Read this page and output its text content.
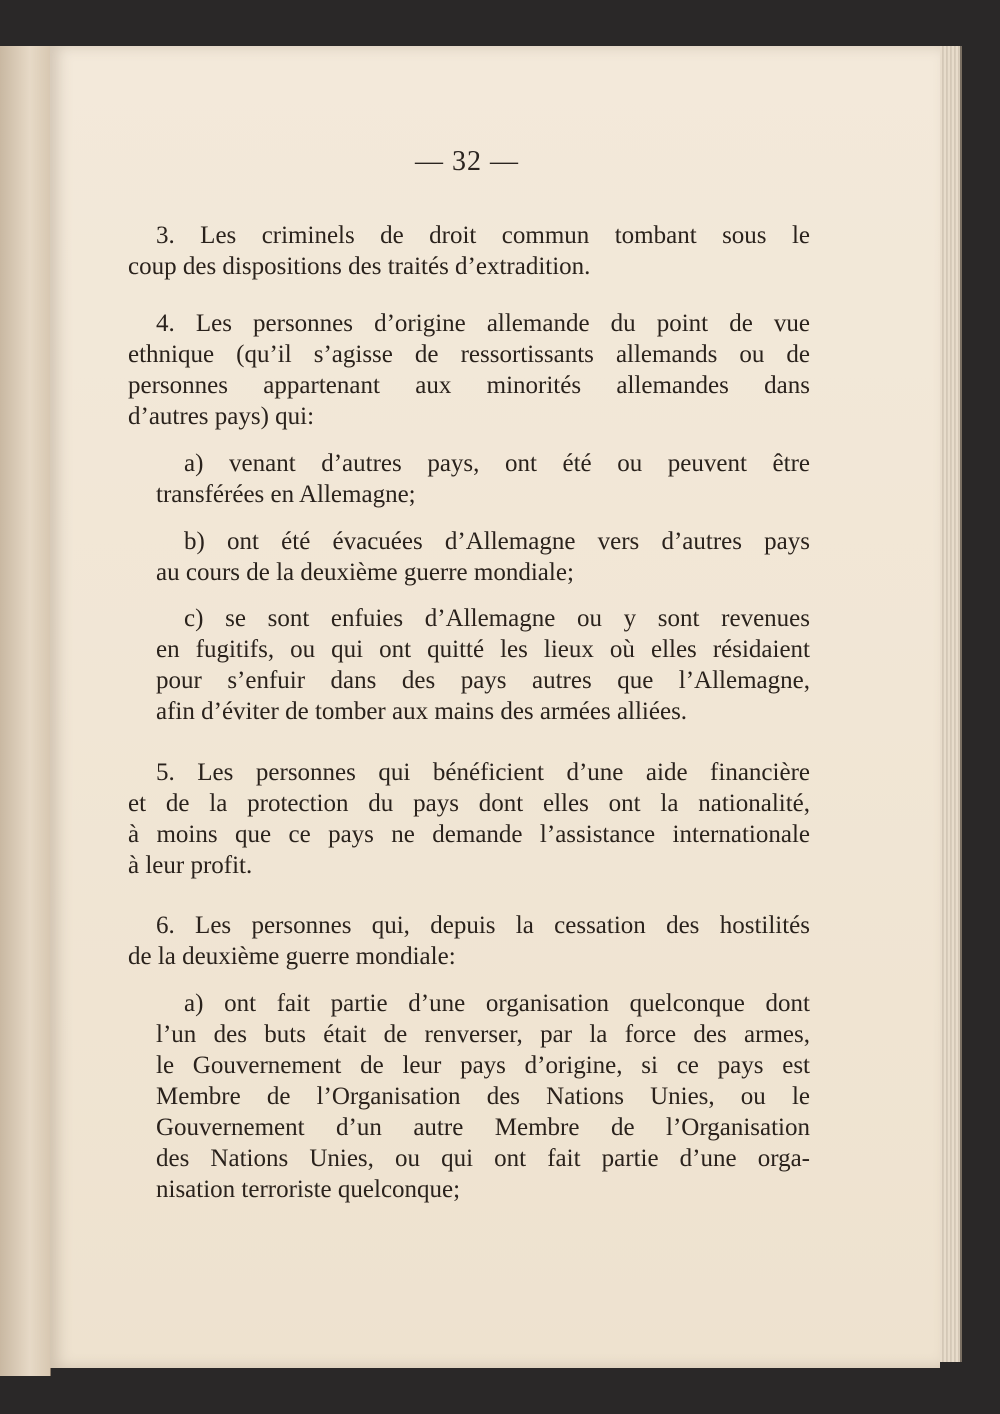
— 32 —
3. Les criminels de droit commun tombant sous le
coup des dispositions des traités d’extradition.
4. Les personnes d’origine allemande du point de vue
ethnique (qu’il s’agisse de ressortissants allemands ou de
personnes appartenant aux minorités allemandes dans
d’autres pays) qui:
a) venant d’autres pays, ont été ou peuvent être
transférées en Allemagne;
b) ont été évacuées d’Allemagne vers d’autres pays
au cours de la deuxième guerre mondiale;
c) se sont enfuies d’Allemagne ou y sont revenues
en fugitifs, ou qui ont quitté les lieux où elles résidaient
pour s’enfuir dans des pays autres que l’Allemagne,
afin d’éviter de tomber aux mains des armées alliées.
5. Les personnes qui bénéficient d’une aide financière
et de la protection du pays dont elles ont la nationalité,
à moins que ce pays ne demande l’assistance internationale
à leur profit.
6. Les personnes qui, depuis la cessation des hostilités
de la deuxième guerre mondiale:
a) ont fait partie d’une organisation quelconque dont
l’un des buts était de renverser, par la force des armes,
le Gouvernement de leur pays d’origine, si ce pays est
Membre de l’Organisation des Nations Unies, ou le
Gouvernement d’un autre Membre de l’Organisation
des Nations Unies, ou qui ont fait partie d’une orga-
nisation terroriste quelconque;
